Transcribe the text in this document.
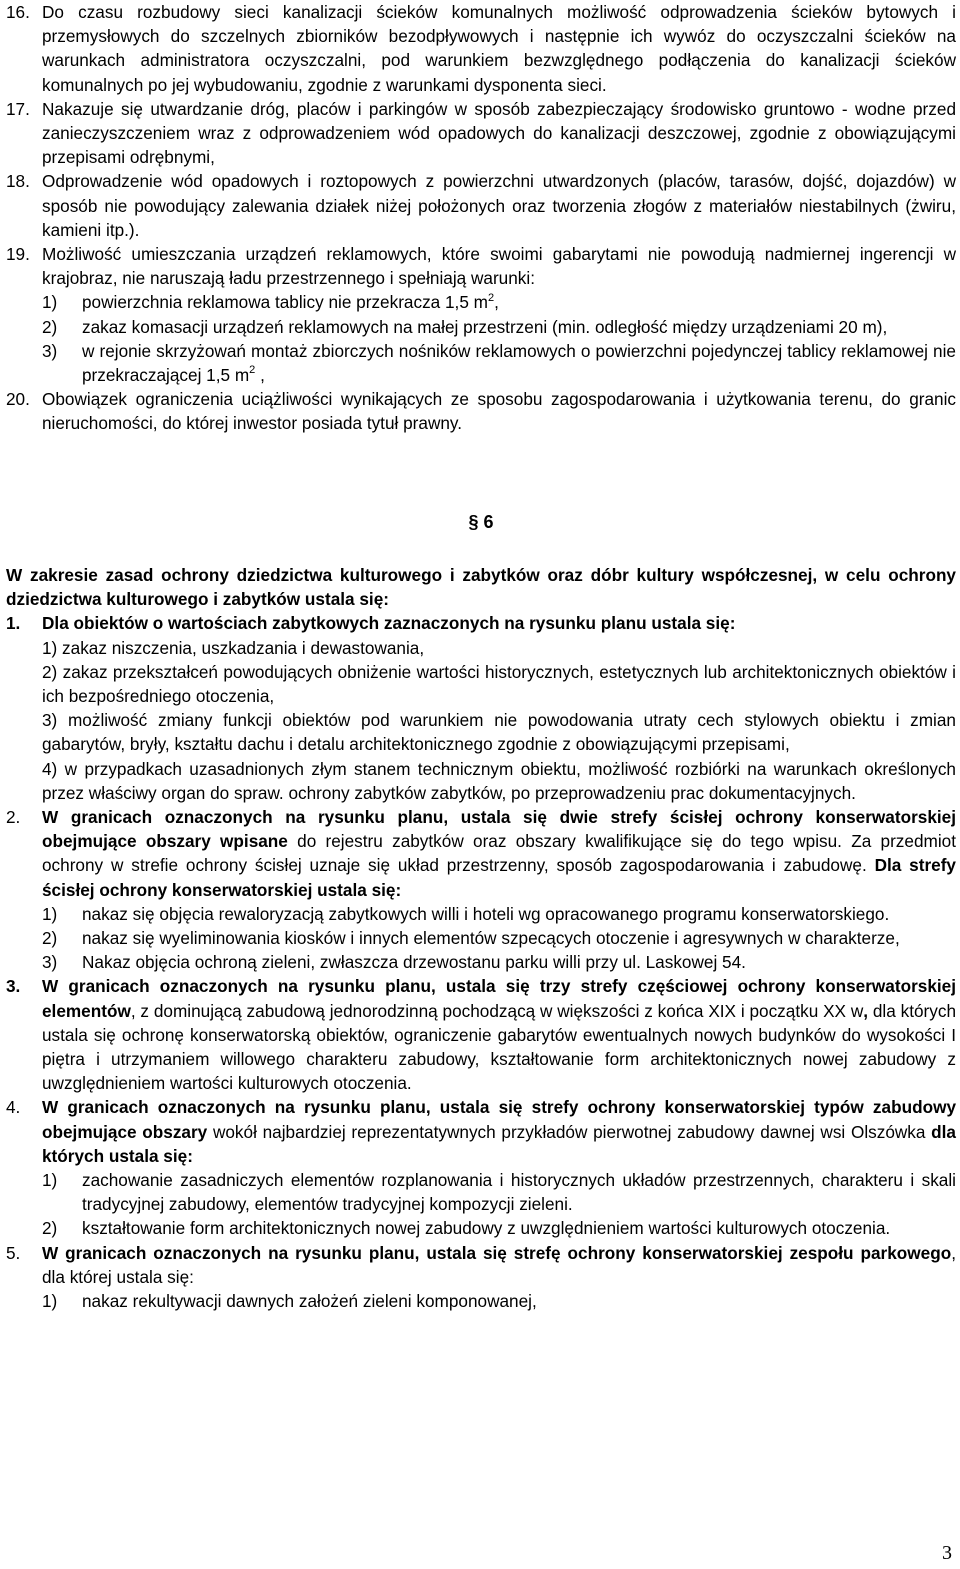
16. Do czasu rozbudowy sieci kanalizacji ścieków komunalnych możliwość odprowadzenia ścieków bytowych i przemysłowych do szczelnych zbiorników bezodpływowych i następnie ich wywóz do oczyszczalni ścieków na warunkach administratora oczyszczalni, pod warunkiem bezwzględnego podłączenia do kanalizacji ścieków komunalnych po jej wybudowaniu, zgodnie z warunkami dysponenta sieci.
17. Nakazuje się utwardzanie dróg, placów i parkingów w sposób zabezpieczający środowisko gruntowo - wodne przed zanieczyszczeniem wraz z odprowadzeniem wód opadowych do kanalizacji deszczowej, zgodnie z obowiązującymi przepisami odrębnymi,
18. Odprowadzenie wód opadowych i roztopowych z powierzchni utwardzonych (placów, tarasów, dojść, dojazdów) w sposób nie powodujący zalewania działek niżej położonych oraz tworzenia złogów z materiałów niestabilnych (żwiru, kamieni itp.).
19. Możliwość umieszczania urządzeń reklamowych, które swoimi gabarytami nie powodują nadmiernej ingerencji w krajobraz, nie naruszają ładu przestrzennego i spełniają warunki:
1) powierzchnia reklamowa tablicy nie przekracza 1,5 $m^2$,
2) zakaz komasacji urządzeń reklamowych na małej przestrzeni (min. odległość między urządzeniami 20 m),
3) w rejonie skrzyżowań montaż zbiorczych nośników reklamowych o powierzchni pojedynczej tablicy reklamowej nie przekraczającej 1,5 $m^2$ ,
20. Obowiązek ograniczenia uciążliwości wynikających ze sposobu zagospodarowania i użytkowania terenu, do granic nieruchomości, do której inwestor posiada tytuł prawny.
§ 6
W zakresie zasad ochrony dziedzictwa kulturowego i zabytków oraz dóbr kultury współczesnej, w celu ochrony dziedzictwa kulturowego i zabytków ustala się:
1. Dla obiektów o wartościach zabytkowych zaznaczonych na rysunku planu ustala się:
1) zakaz niszczenia, uszkadzania i dewastowania,
2) zakaz przekształceń powodujących obniżenie wartości historycznych, estetycznych lub architektonicznych obiektów i ich bezpośredniego otoczenia,
3) możliwość zmiany funkcji obiektów pod warunkiem nie powodowania utraty cech stylowych obiektu i zmian gabarytów, bryły, kształtu dachu i detalu architektonicznego zgodnie z obowiązującymi przepisami,
4) w przypadkach uzasadnionych złym stanem technicznym obiektu, możliwość rozbiórki na warunkach określonych przez właściwy organ do spraw. ochrony zabytków zabytków, po przeprowadzeniu prac dokumentacyjnych.
2. W granicach oznaczonych na rysunku planu, ustala się dwie strefy ścisłej ochrony konserwatorskiej obejmujące obszary wpisane do rejestru zabytków oraz obszary kwalifikujące się do tego wpisu. Za przedmiot ochrony w strefie ochrony ścisłej uznaje się układ przestrzenny, sposób zagospodarowania i zabudowę. Dla strefy ścisłej ochrony konserwatorskiej ustala się:
1) nakaz się objęcia rewaloryzacją zabytkowych willi i hoteli wg opracowanego programu konserwatorskiego.
2) nakaz się wyeliminowania kiosków i innych elementów szpecących otoczenie i agresywnych w charakterze,
3) Nakaz objęcia ochroną zieleni, zwłaszcza drzewostanu parku willi przy ul. Laskowej 54.
3. W granicach oznaczonych na rysunku planu, ustala się trzy strefy częściowej ochrony konserwatorskiej elementów, z dominującą zabudową jednorodzinną pochodzącą w większości z końca XIX i początku XX w, dla których ustala się ochronę konserwatorską obiektów, ograniczenie gabarytów ewentualnych nowych budynków do wysokości I piętra i utrzymaniem willowego charakteru zabudowy, kształtowanie form architektonicznych nowej zabudowy z uwzględnieniem wartości kulturowych otoczenia.
4. W granicach oznaczonych na rysunku planu, ustala się strefy ochrony konserwatorskiej typów zabudowy obejmujące obszary wokół najbardziej reprezentatywnych przykładów pierwotnej zabudowy dawnej wsi Olszówka dla których ustala się:
1) zachowanie zasadniczych elementów rozplanowania i historycznych układów przestrzennych, charakteru i skali tradycyjnej zabudowy, elementów tradycyjnej kompozycji zieleni.
2) kształtowanie form architektonicznych nowej zabudowy z uwzględnieniem wartości kulturowych otoczenia.
5. W granicach oznaczonych na rysunku planu, ustala się strefę ochrony konserwatorskiej zespołu parkowego, dla której ustala się:
1) nakaz rekultywacji dawnych założeń zieleni komponowanej,
3
